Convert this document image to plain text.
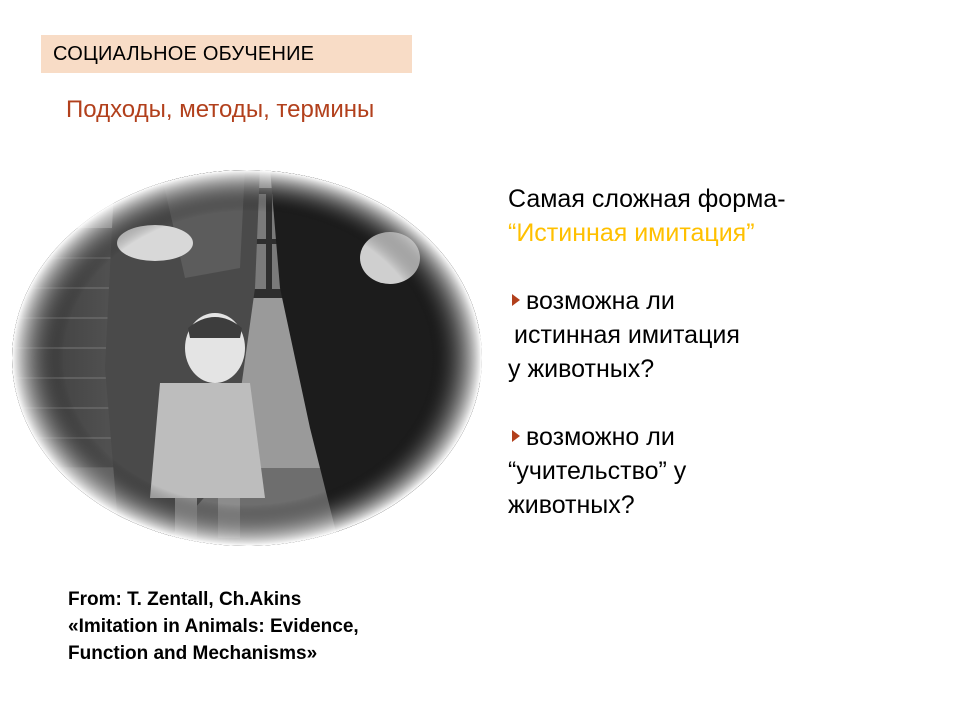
СОЦИАЛЬНОЕ ОБУЧЕНИЕ
Подходы, методы, термины
Самая сложная форма-
“Истинная имитация”
возможна ли
истинная имитация
у животных?
возможно ли
“учительство” у
животных?
From: T. Zentall, Ch.Akins
«Imitation in Animals: Evidence,
Function and Mechanisms»
